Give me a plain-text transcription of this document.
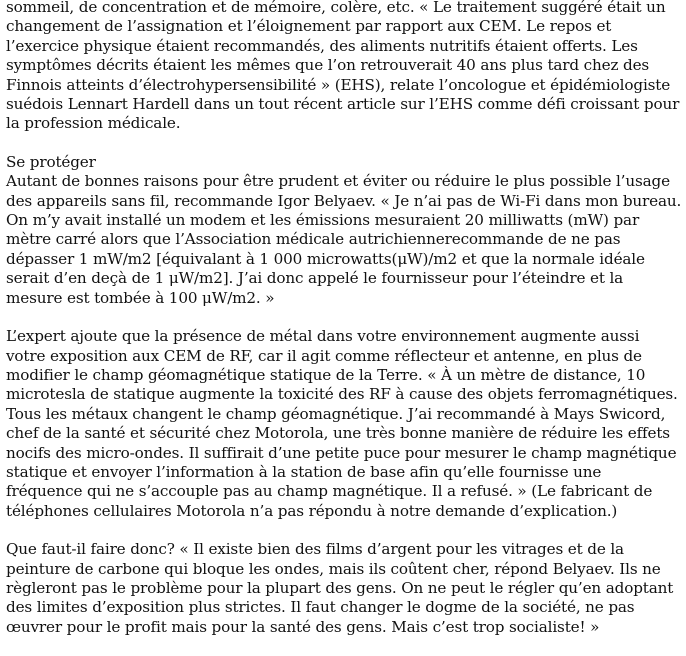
sommeil, de concentration et de mémoire, colère, etc. « Le traitement suggéré était un changement de l’assignation et l’éloignement par rapport aux CEM. Le repos et l’exercice physique étaient recommandés, des aliments nutritifs étaient offerts. Les symptômes décrits étaient les mêmes que l’on retrouverait 40 ans plus tard chez des Finnois atteints d’électrohypersensibilité » (EHS), relate l’oncologue et épidémiologiste suédois Lennart Hardell dans un tout récent article sur l’EHS comme défi croissant pour la profession médicale.

Se protéger
Autant de bonnes raisons pour être prudent et éviter ou réduire le plus possible l’usage des appareils sans fil, recommande Igor Belyaev. « Je n’ai pas de Wi-Fi dans mon bureau. On m’y avait installé un modem et les émissions mesuraient 20 milliwatts (mW) par mètre carré alors que l’Association médicale autrichiennerecommande de ne pas dépasser 1 mW/m2 [équivalant à 1 000 microwatts(μW)/m2 et que la normale idéale serait d’en deçà de 1 μW/m2]. J’ai donc appelé le fournisseur pour l’éteindre et la mesure est tombée à 100 μW/m2. »

L’expert ajoute que la présence de métal dans votre environnement augmente aussi votre exposition aux CEM de RF, car il agit comme réflecteur et antenne, en plus de modifier le champ géomagnétique statique de la Terre. « À un mètre de distance, 10 microtesla de statique augmente la toxicité des RF à cause des objets ferromagnétiques. Tous les métaux changent le champ géomagnétique. J’ai recommandé à Mays Swicord, chef de la santé et sécurité chez Motorola, une très bonne manière de réduire les effets nocifs des micro-ondes. Il suffirait d’une petite puce pour mesurer le champ magnétique statique et envoyer l’information à la station de base afin qu’elle fournisse une fréquence qui ne s’accouple pas au champ magnétique. Il a refusé. » (Le fabricant de téléphones cellulaires Motorola n’a pas répondu à notre demande d’explication.)

Que faut-il faire donc? « Il existe bien des films d’argent pour les vitrages et de la peinture de carbone qui bloque les ondes, mais ils coûtent cher, répond Belyaev. Ils ne règleront pas le problème pour la plupart des gens. On ne peut le régler qu’en adoptant des limites d’exposition plus strictes. Il faut changer le dogme de la société, ne pas œuvrer pour le profit mais pour la santé des gens. Mais c’est trop socialiste! »
